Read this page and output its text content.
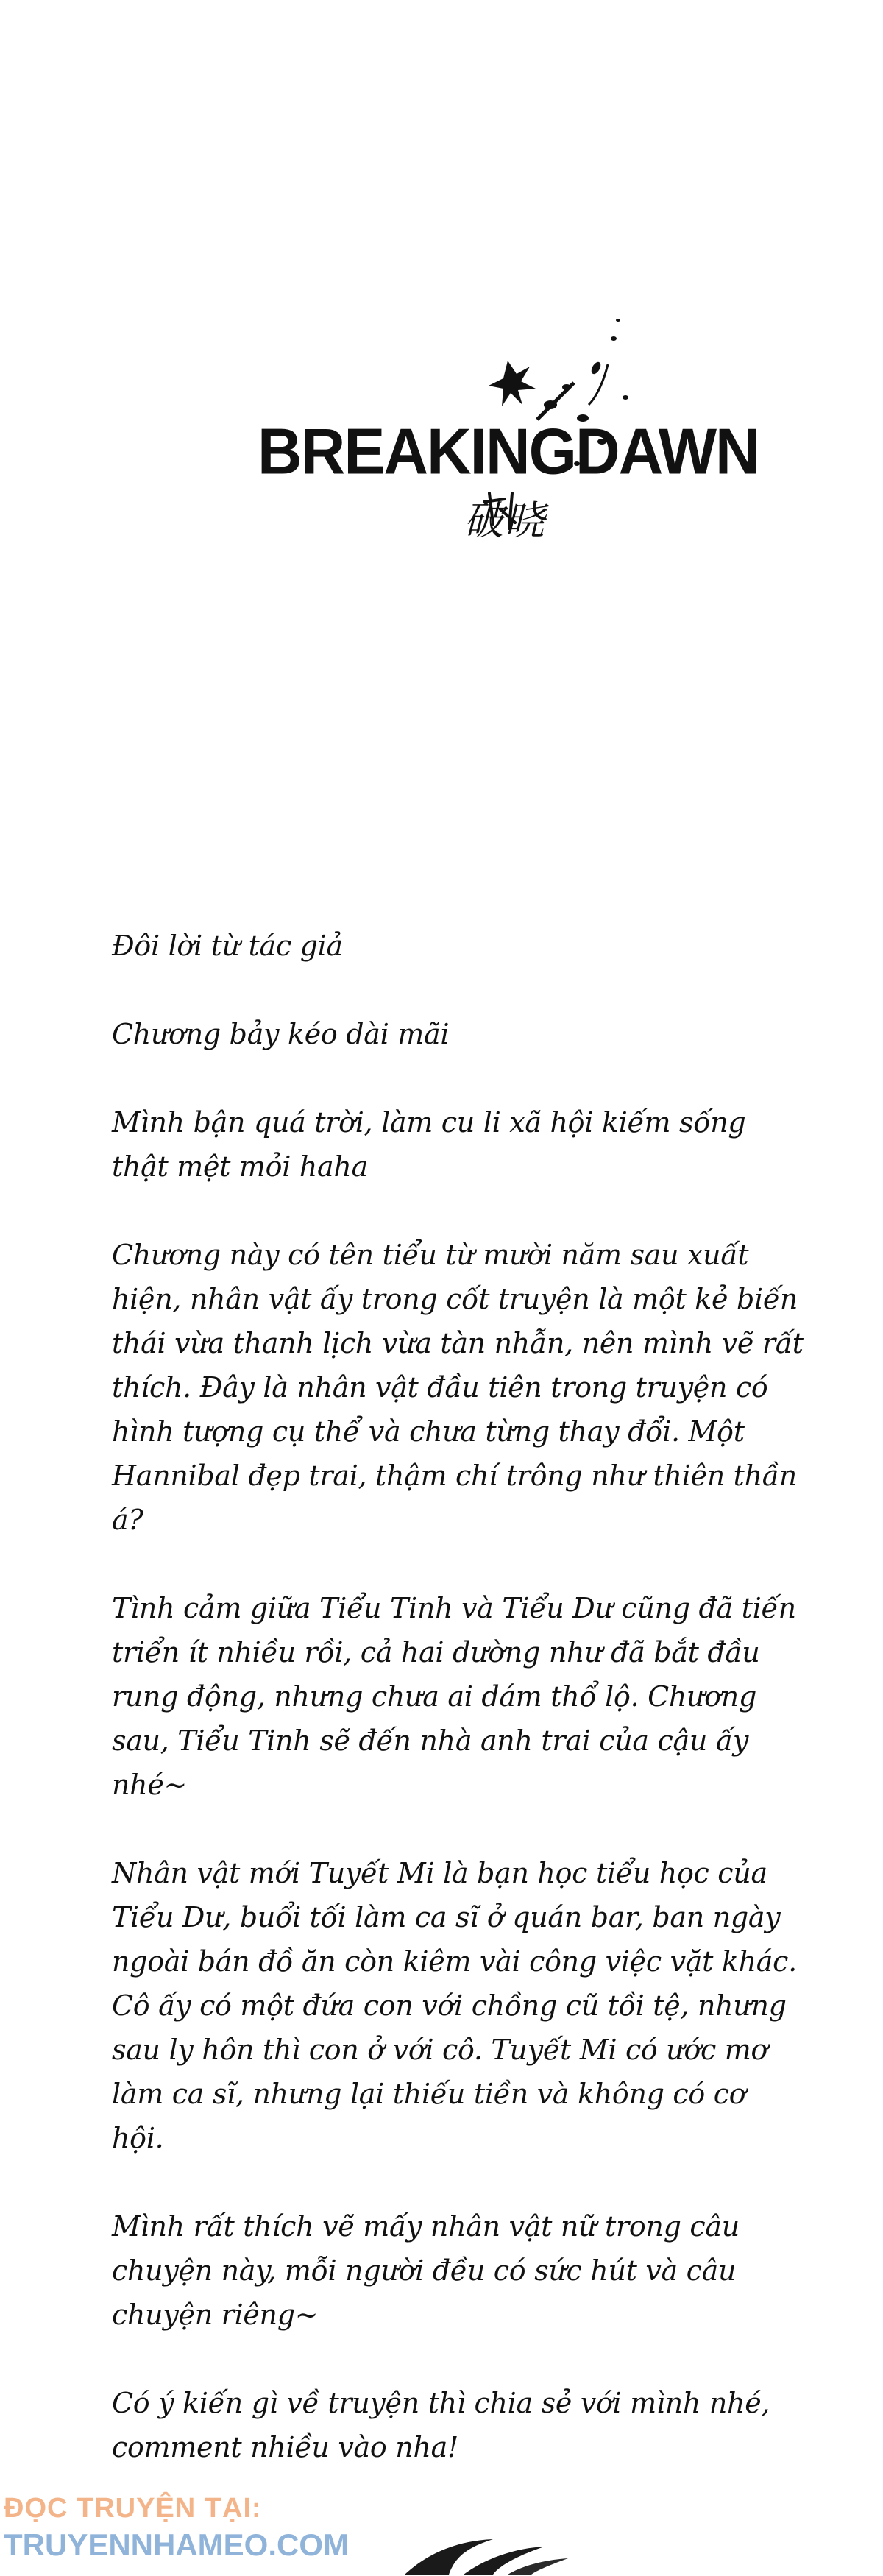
BREAKINGDAWN
破晓

Đôi lời từ tác giả

Chương bảy kéo dài mãi

Mình bận quá trời, làm cu li xã hội kiếm sống thật mệt mỏi haha

Chương này có tên tiểu từ mười năm sau xuất hiện, nhân vật ấy trong cốt truyện là một kẻ biến thái vừa thanh lịch vừa tàn nhẫn, nên mình vẽ rất thích. Đây là nhân vật đầu tiên trong truyện có hình tượng cụ thể và chưa từng thay đổi. Một Hannibal đẹp trai, thậm chí trông như thiên thần á?

Tình cảm giữa Tiểu Tinh và Tiểu Dư cũng đã tiến triển ít nhiều rồi, cả hai dường như đã bắt đầu rung động, nhưng chưa ai dám thổ lộ. Chương sau, Tiểu Tinh sẽ đến nhà anh trai của cậu ấy nhé~

Nhân vật mới Tuyết Mi là bạn học tiểu học của Tiểu Dư, buổi tối làm ca sĩ ở quán bar, ban ngày ngoài bán đồ ăn còn kiêm vài công việc vặt khác. Cô ấy có một đứa con với chồng cũ tồi tệ, nhưng sau ly hôn thì con ở với cô. Tuyết Mi có ước mơ làm ca sĩ, nhưng lại thiếu tiền và không có cơ hội.

Mình rất thích vẽ mấy nhân vật nữ trong câu chuyện này, mỗi người đều có sức hút và câu chuyện riêng~

Có ý kiến gì về truyện thì chia sẻ với mình nhé, comment nhiều vào nha!

ĐỌC TRUYỆN TẠI:
TRUYENNHAMEO.COM
